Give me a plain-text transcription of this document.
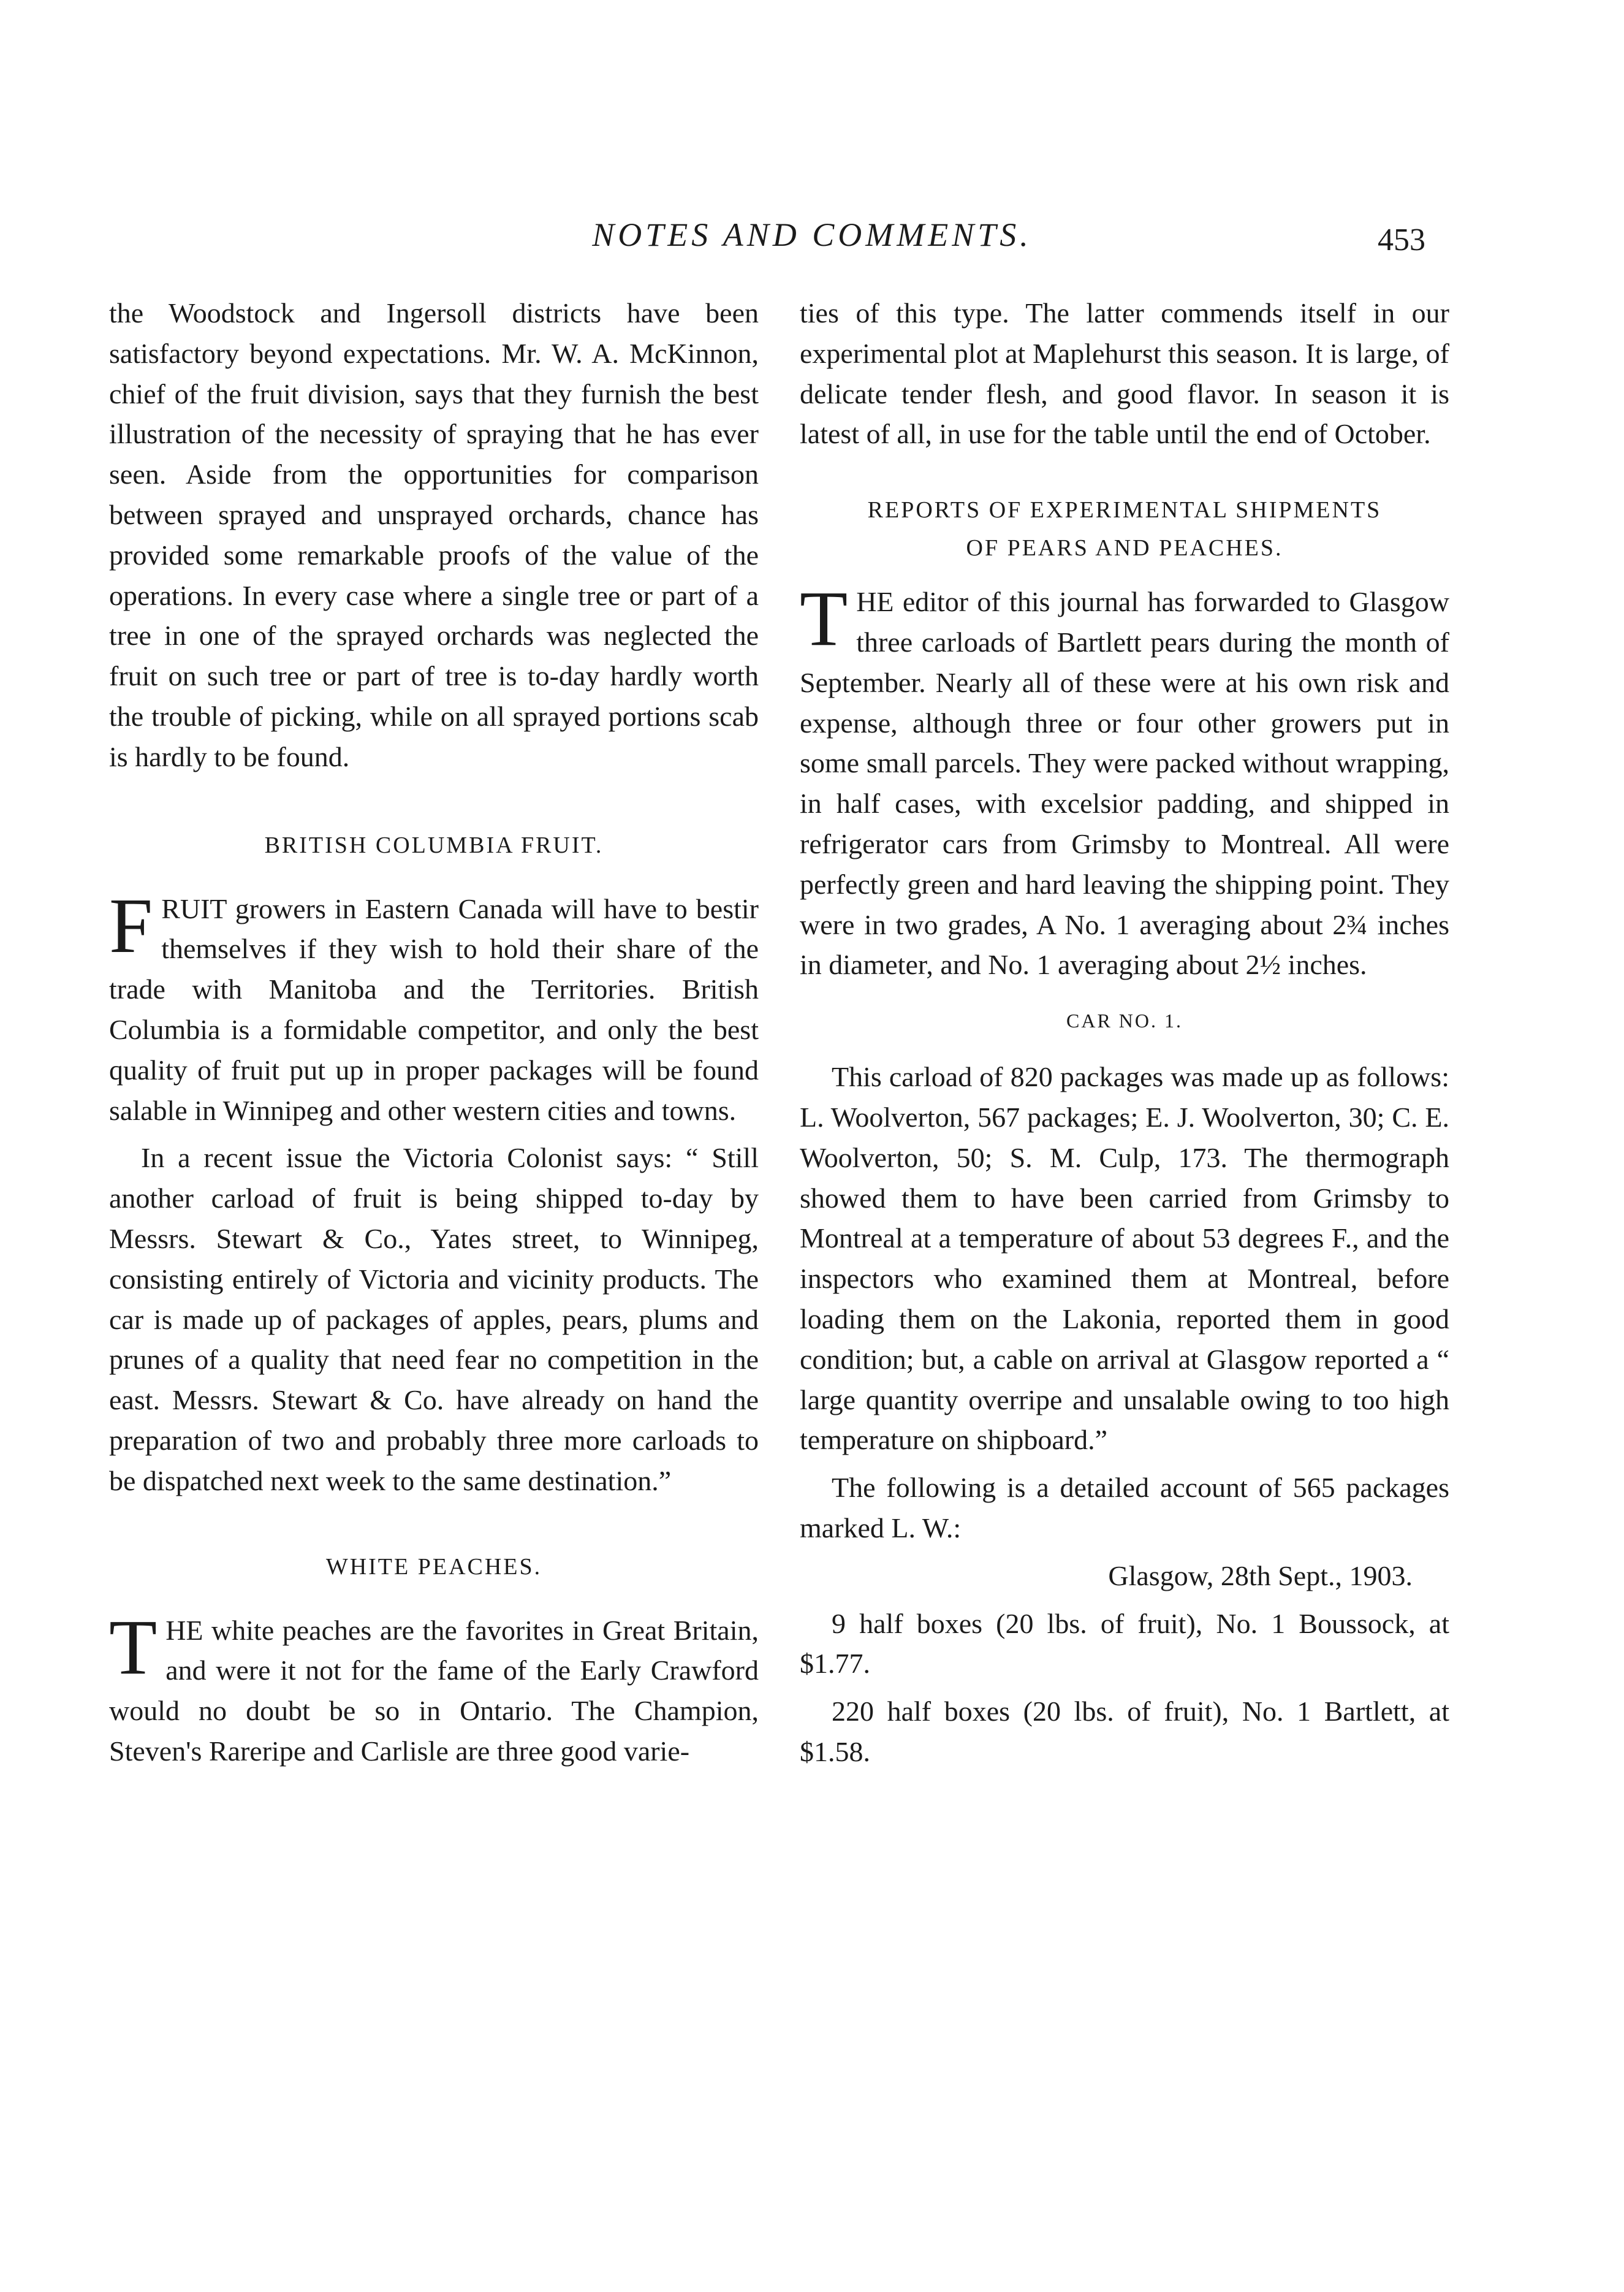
NOTES AND COMMENTS.	453

the Woodstock and Ingersoll districts have been satisfactory beyond expectations. Mr. W. A. McKinnon, chief of the fruit division, says that they furnish the best illustration of the necessity of spraying that he has ever seen. Aside from the opportunities for comparison between sprayed and unsprayed orchards, chance has provided some remarkable proofs of the value of the operations. In every case where a single tree or part of a tree in one of the sprayed orchards was neglected the fruit on such tree or part of tree is to-day hardly worth the trouble of picking, while on all sprayed portions scab is hardly to be found.

BRITISH COLUMBIA FRUIT.

FRUIT growers in Eastern Canada will have to bestir themselves if they wish to hold their share of the trade with Manitoba and the Territories. British Columbia is a formidable competitor, and only the best quality of fruit put up in proper packages will be found salable in Winnipeg and other western cities and towns.

In a recent issue the Victoria Colonist says: “ Still another carload of fruit is being shipped to-day by Messrs. Stewart & Co., Yates street, to Winnipeg, consisting entirely of Victoria and vicinity products. The car is made up of packages of apples, pears, plums and prunes of a quality that need fear no competition in the east. Messrs. Stewart & Co. have already on hand the preparation of two and probably three more carloads to be dispatched next week to the same destination.”

WHITE PEACHES.

THE white peaches are the favorites in Great Britain, and were it not for the fame of the Early Crawford would no doubt be so in Ontario. The Champion, Steven's Rareripe and Carlisle are three good varie-

ties of this type. The latter commends itself in our experimental plot at Maplehurst this season. It is large, of delicate tender flesh, and good flavor. In season it is latest of all, in use for the table until the end of October.

REPORTS OF EXPERIMENTAL SHIPMENTS
OF PEARS AND PEACHES.

THE editor of this journal has forwarded to Glasgow three carloads of Bartlett pears during the month of September. Nearly all of these were at his own risk and expense, although three or four other growers put in some small parcels. They were packed without wrapping, in half cases, with excelsior padding, and shipped in refrigerator cars from Grimsby to Montreal. All were perfectly green and hard leaving the shipping point. They were in two grades, A No. 1 averaging about 2¾ inches in diameter, and No. 1 averaging about 2½ inches.

CAR NO. 1.

This carload of 820 packages was made up as follows: L. Woolverton, 567 packages; E. J. Woolverton, 30; C. E. Woolverton, 50; S. M. Culp, 173. The thermograph showed them to have been carried from Grimsby to Montreal at a temperature of about 53 degrees F., and the inspectors who examined them at Montreal, before loading them on the Lakonia, reported them in good condition; but, a cable on arrival at Glasgow reported a “ large quantity overripe and unsalable owing to too high temperature on shipboard.”

The following is a detailed account of 565 packages marked L. W.:

Glasgow, 28th Sept., 1903.

9 half boxes (20 lbs. of fruit), No. 1 Boussock, at $1.77.

220 half boxes (20 lbs. of fruit), No. 1 Bartlett, at $1.58.
